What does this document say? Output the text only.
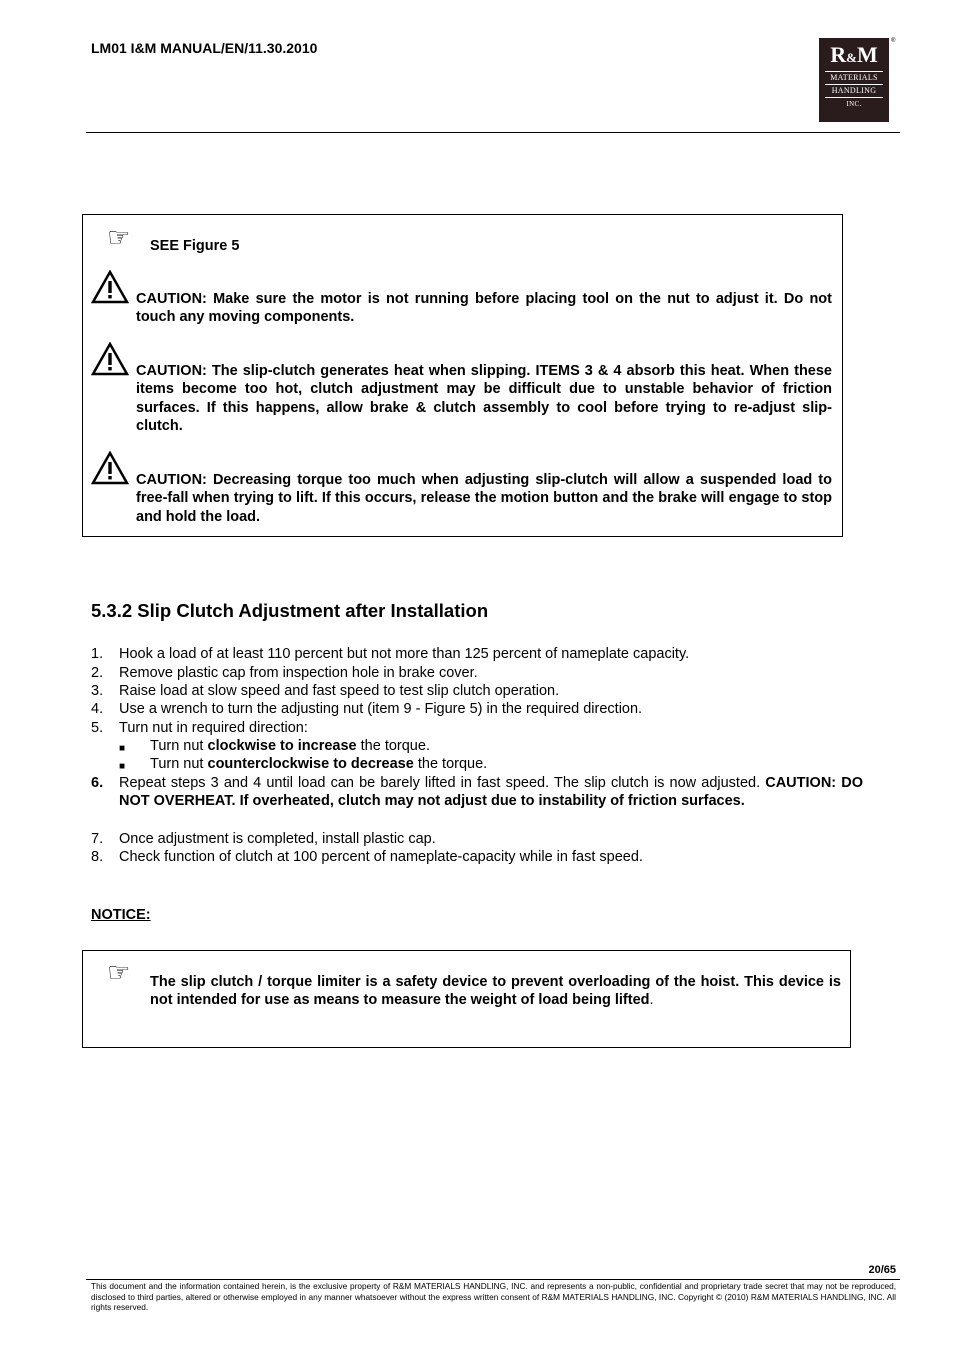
LM01 I&M MANUAL/EN/11.30.2010	R&M
MATERIALS
HANDLING
INC.
®
☞ SEE Figure 5
CAUTION: Make sure the motor is not running before placing tool on the nut to adjust it. Do not touch any moving components.
CAUTION: The slip-clutch generates heat when slipping. ITEMS 3 & 4 absorb this heat. When these items become too hot, clutch adjustment may be difficult due to unstable behavior of friction surfaces. If this happens, allow brake & clutch assembly to cool before trying to re-adjust slip-clutch.
CAUTION: Decreasing torque too much when adjusting slip-clutch will allow a suspended load to free-fall when trying to lift. If this occurs, release the motion button and the brake will engage to stop and hold the load.
5.3.2 Slip Clutch Adjustment after Installation
1. Hook a load of at least 110 percent but not more than 125 percent of nameplate capacity.
2. Remove plastic cap from inspection hole in brake cover.
3. Raise load at slow speed and fast speed to test slip clutch operation.
4. Use a wrench to turn the adjusting nut (item 9 - Figure 5) in the required direction.
5. Turn nut in required direction:
■ Turn nut clockwise to increase the torque.
■ Turn nut counterclockwise to decrease the torque.
6. Repeat steps 3 and 4 until load can be barely lifted in fast speed. The slip clutch is now adjusted. CAUTION: DO NOT OVERHEAT. If overheated, clutch may not adjust due to instability of friction surfaces.
7. Once adjustment is completed, install plastic cap.
8. Check function of clutch at 100 percent of nameplate-capacity while in fast speed.
NOTICE:
☞ The slip clutch / torque limiter is a safety device to prevent overloading of the hoist. This device is not intended for use as means to measure the weight of load being lifted.
20/65
This document and the information contained herein, is the exclusive property of R&M MATERIALS HANDLING, INC. and represents a non-public, confidential and proprietary trade secret that may not be reproduced, disclosed to third parties, altered or otherwise employed in any manner whatsoever without the express written consent of R&M MATERIALS HANDLING, INC. Copyright © (2010) R&M MATERIALS HANDLING, INC. All rights reserved.
